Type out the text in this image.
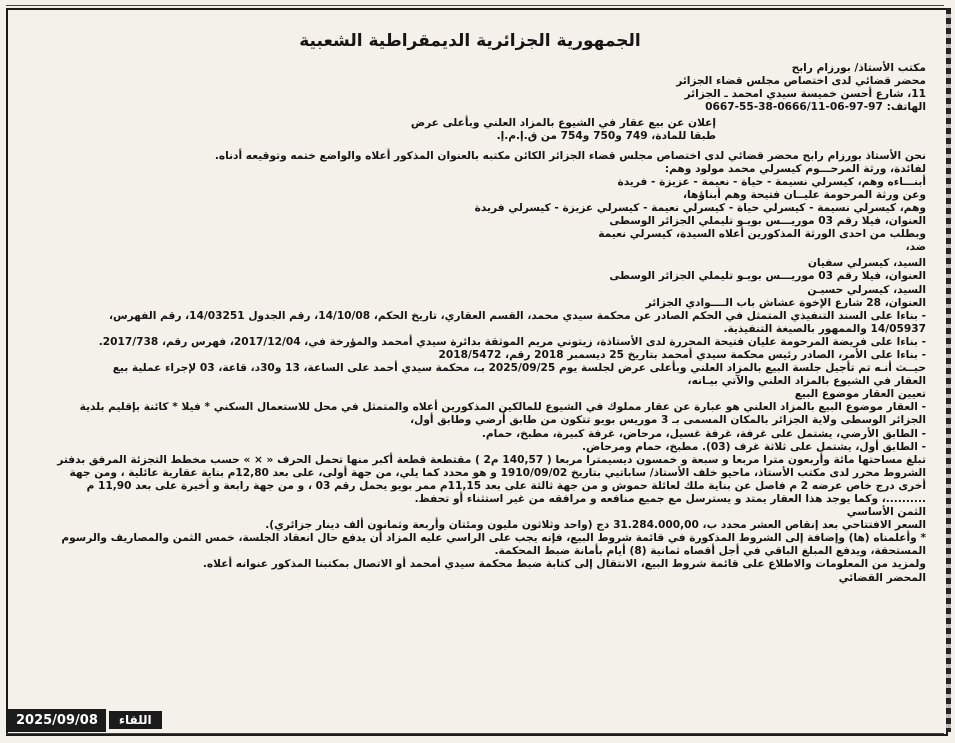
الجمهورية الجزائرية الديمقراطية الشعبية

مكتب الأستاذ/ بورزام رابح

محضر قضائي لدى اختصاص مجلس قضاء الجزائر

11، شارع أحسن خميسة سيدي امحمد ـ الجزائر

الهاتف: 97-97-06-0666/11-38-55-0667

إعلان عن بيع عقار في الشيوع بالمزاد العلني وبأعلى عرض

طبقا للمادة، 749 و750 و754 من ق.إ.م.إ.

نحن الأستاذ بورزام رابح محضر قضائي لدى اختصاص مجلس قضاء الجزائر الكائن مكتبه بالعنوان المذكور أعلاه والواضع ختمه وتوقيعه أدناه.

لفائدة، ورثة المرحـــوم كيسرلي محمد مولود وهم:

أبنـــاءه وهم، كيسرلي نسيمة - حياة - نعيمة - عزيزة - فريدة

وعن ورثة المرحومة عليــان فتيحة وهم أبناؤها،

وهم، كيسرلي نسيمة - كيسرلي حياة - كيسرلي نعيمة - كيسرلي عزيزة - كيسرلي فريدة

العنوان، فيلا رقم 03 موريـــس بويـو تليملي الجزائر الوسطى

وبطلب من احدى الورثة المذكورين أعلاه السيدة، كيسرلي نعيمة

ضد،

السيد، كيسرلي سفيان

العنوان، فيلا رقم 03 موريـــس بويـو تليملي الجزائر الوسطى

السيد، كيسرلي حسيـن

العنوان، 28 شارع الإخوة عشاش باب الــــوادي الجزائر

- بناءا على السند التنفيذي المتمثل في الحكم الصادر عن محكمة سيدي محمد، القسم العقاري، تاريخ الحكم، 14/10/08، رقم الجدول 14/03251، رقم الفهرس،

14/05937 والممهور بالصيغة التنفيذية.

- بناءا على فريضة المرحومة عليان فتيحة المحررة لدى الأستاذة، زيتوني مريم الموثقة بدائرة سيدي أمحمد والمؤرخة في، 2017/12/04، فهرس رقم، 2017/738.

- بناءا على الأمر، الصادر رئيس محكمة سيدي أمحمد بتاريخ 25 ديسمبر 2018 رقم، 2018/5472

حيــث أنـه تم تأجيل جلسة البيع بالمزاد العلني وبأعلى عرض لجلسة يوم 2025/09/25 بـ، محكمة سيدي أحمد على الساعة، 13 و30د، قاعة، 03 لإجراء عملية بيع

العقار في الشيوع بالمزاد العلني والآتي بيـانه،

تعيين العقار موضوع البيع

- العقار موضوع البيع بالمزاد العلني هو عبارة عن عقار مملوك في الشيوع للمالكين المذكورين أعلاه والمتمثل في محل للاستعمال السكني * فيلا * كائنة بإقليم بلدية

الجزائر الوسطى ولاية الجزائر بالمكان المسمى بـ 3 موريس بويو تتكون من طابق أرضي وطابق أول،

- الطابق الأرضي، يشتمل على غرفة، غرفة غسيل، مرحاض، غرفة كبيرة، مطبخ، حمام.

- الطابق أول، يشتمل على ثلاثة غرف (03). مطبخ، حمام ومرحاض.

تبلغ مساحتها مائة وأربعون مترا مربعا و سبعة و خمسون ديسيمترا مربعا ( 140,57 م2 ) مقتطعة قطعة أكبر منها تحمل الحرف « × » حسب مخطط التجزئة المرفق بدفتر

الشروط محرر لدى مكتب الأستاذ، ماحيو خلف الأستاذ/ ساباتيي بتاريخ 1910/09/02 و هو محدد كما يلي، من جهة أولى، على بعد 12,80م بناية عقارية عائلية ، ومن جهة

أخرى درج خاص عرضه 2 م فاصل عن بناية ملك لعائلة حموش و من جهة ثالثة على بعد 11,15م ممر بويو يحمل رقم 03 ، و من جهة رابعة و أخيرة على بعد 11,90 م

..........، وكما يوجد هذا العقار يمتد و يسترسل مع جميع منافعه و مرافقه من غير استثناء أو تحفظ.

الثمن الأساسي

السعر الافتتاحي بعد إنقاص العشر محدد ب، 31.284.000,00 دج (واحد وثلاثون مليون ومئتان وأربعة وثمانون ألف دينار جزائري).

* وأعلمناه (ها) وإضافة إلى الشروط المذكورة في قائمة شروط البيع، فإنه يجب على الراسي عليه المزاد أن يدفع حال انعقاد الجلسة، خمس الثمن والمصاريف والرسوم

المستحقة، ويدفع المبلغ الباقي في أجل أقصاه ثمانية (8) أيام بأمانة ضبط المحكمة.

ولمزيد من المعلومات والاطلاع على قائمة شروط البيع، الانتقال إلى كتابة ضبط محكمة سيدي أمحمد أو الاتصال بمكتبنا المذكور عنوانه أعلاه.

المحضر القضائي

2025/09/08	اللقاء
